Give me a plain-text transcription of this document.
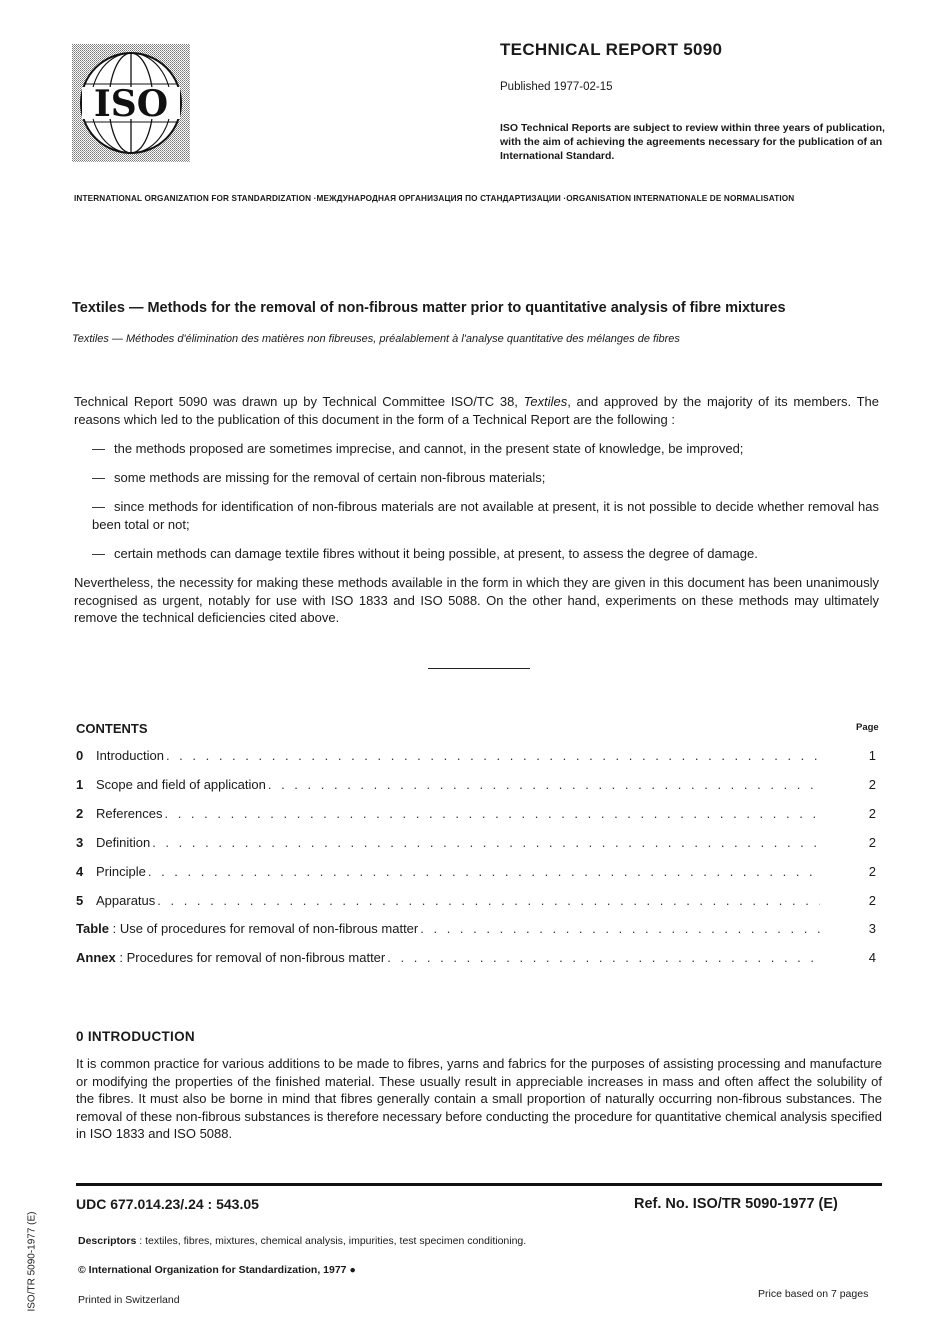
ISO
TECHNICAL REPORT 5090
Published 1977-02-15
ISO Technical Reports are subject to review within three years of publication, with the aim of achieving the agreements necessary for the publication of an International Standard.
INTERNATIONAL ORGANIZATION FOR STANDARDIZATION ·МЕЖДУНАРОДНАЯ ОРГАНИЗАЦИЯ ПО СТАНДАРТИЗАЦИИ ·ORGANISATION INTERNATIONALE DE NORMALISATION
Textiles — Methods for the removal of non-fibrous matter prior to quantitative analysis of fibre mixtures
Textiles — Méthodes d'élimination des matières non fibreuses, préalablement à l'analyse quantitative des mélanges de fibres
Technical Report 5090 was drawn up by Technical Committee ISO/TC 38, Textiles, and approved by the majority of its members. The reasons which led to the publication of this document in the form of a Technical Report are the following :
— the methods proposed are sometimes imprecise, and cannot, in the present state of knowledge, be improved;
— some methods are missing for the removal of certain non-fibrous materials;
— since methods for identification of non-fibrous materials are not available at present, it is not possible to decide whether removal has been total or not;
— certain methods can damage textile fibres without it being possible, at present, to assess the degree of damage.
Nevertheless, the necessity for making these methods available in the form in which they are given in this document has been unanimously recognised as urgent, notably for use with ISO 1833 and ISO 5088. On the other hand, experiments on these methods may ultimately remove the technical deficiencies cited above.
CONTENTS	Page
0 Introduction . . .	1
1 Scope and field of application . . .	2
2 References . . .	2
3 Definition . . .	2
4 Principle . . .	2
5 Apparatus . . .	2
Table : Use of procedures for removal of non-fibrous matter . . .	3
Annex : Procedures for removal of non-fibrous matter . . .	4
0 INTRODUCTION
It is common practice for various additions to be made to fibres, yarns and fabrics for the purposes of assisting processing and manufacture or modifying the properties of the finished material. These usually result in appreciable increases in mass and often affect the solubility of the fibres. It must also be borne in mind that fibres generally contain a small proportion of naturally occurring non-fibrous substances. The removal of these non-fibrous substances is therefore necessary before conducting the procedure for quantitative chemical analysis specified in ISO 1833 and ISO 5088.
UDC 677.014.23/.24 : 543.05	Ref. No. ISO/TR 5090-1977 (E)
Descriptors : textiles, fibres, mixtures, chemical analysis, impurities, test specimen conditioning.
© International Organization for Standardization, 1977 ●
Printed in Switzerland	Price based on 7 pages
ISO/TR 5090-1977 (E)
